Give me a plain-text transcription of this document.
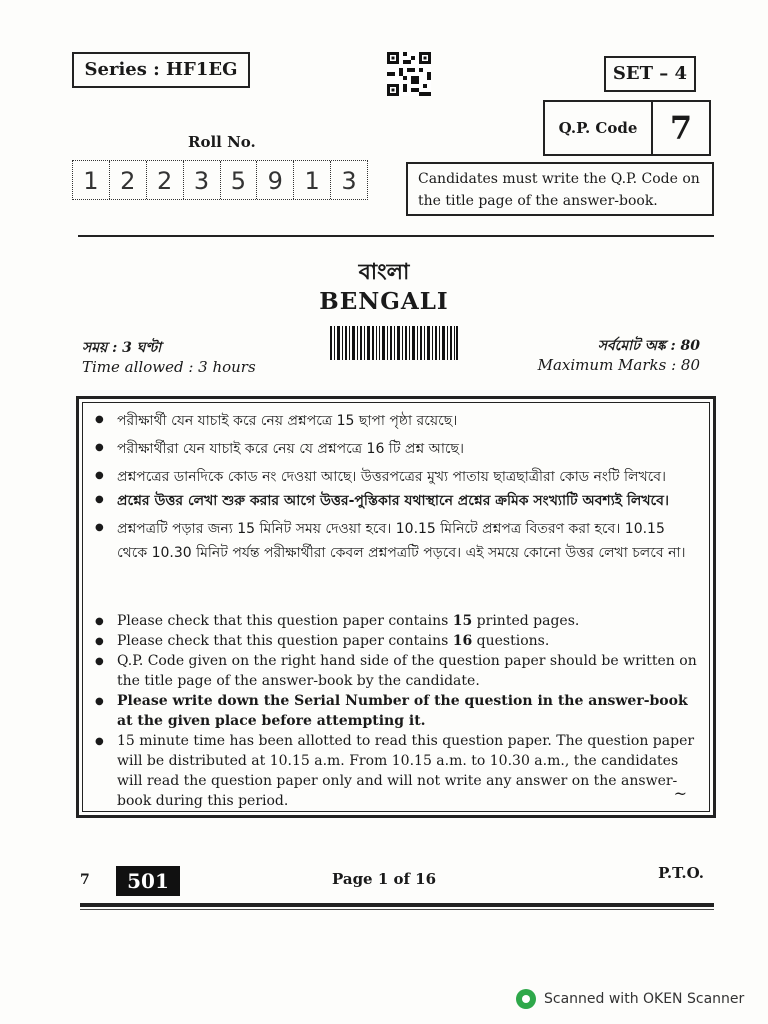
Series : HF1EG	SET – 4
Q.P. Code	7
Roll No.
1 2 2 3 5 9 1 3	Candidates must write the Q.P. Code on the title page of the answer-book.
বাংলা
BENGALI
সময় : 3 ঘণ্টা
Time allowed : 3 hours
সর্বমোট অঙ্ক : 80
Maximum Marks : 80
● পরীক্ষার্থী যেন যাচাই করে নেয় প্রশ্নপত্রে 15 ছাপা পৃষ্ঠা রয়েছে।
● পরীক্ষার্থীরা যেন যাচাই করে নেয় যে প্রশ্নপত্রে 16 টি প্রশ্ন আছে।
● প্রশ্নপত্রের ডানদিকে কোড নং দেওয়া আছে। উত্তরপত্রের মুখ্য পাতায় ছাত্রছাত্রীরা কোড নংটি লিখবে।
● প্রশ্নের উত্তর লেখা শুরু করার আগে উত্তর-পুস্তিকার যথাস্থানে প্রশ্নের ক্রমিক সংখ্যাটি অবশ্যই লিখবে।
● প্রশ্নপত্রটি পড়ার জন্য 15 মিনিট সময় দেওয়া হবে। 10.15 মিনিটে প্রশ্নপত্র বিতরণ করা হবে। 10.15 থেকে 10.30 মিনিট পর্যন্ত পরীক্ষার্থীরা কেবল প্রশ্নপত্রটি পড়বে। এই সময়ে কোনো উত্তর লেখা চলবে না।
● Please check that this question paper contains 15 printed pages.
● Please check that this question paper contains 16 questions.
● Q.P. Code given on the right hand side of the question paper should be written on the title page of the answer-book by the candidate.
● Please write down the Serial Number of the question in the answer-book at the given place before attempting it.
● 15 minute time has been allotted to read this question paper. The question paper will be distributed at 10.15 a.m. From 10.15 a.m. to 10.30 a.m., the candidates will read the question paper only and will not write any answer on the answer-book during this period.	~
7	501	Page 1 of 16	P.T.O.
Scanned with OKEN Scanner
